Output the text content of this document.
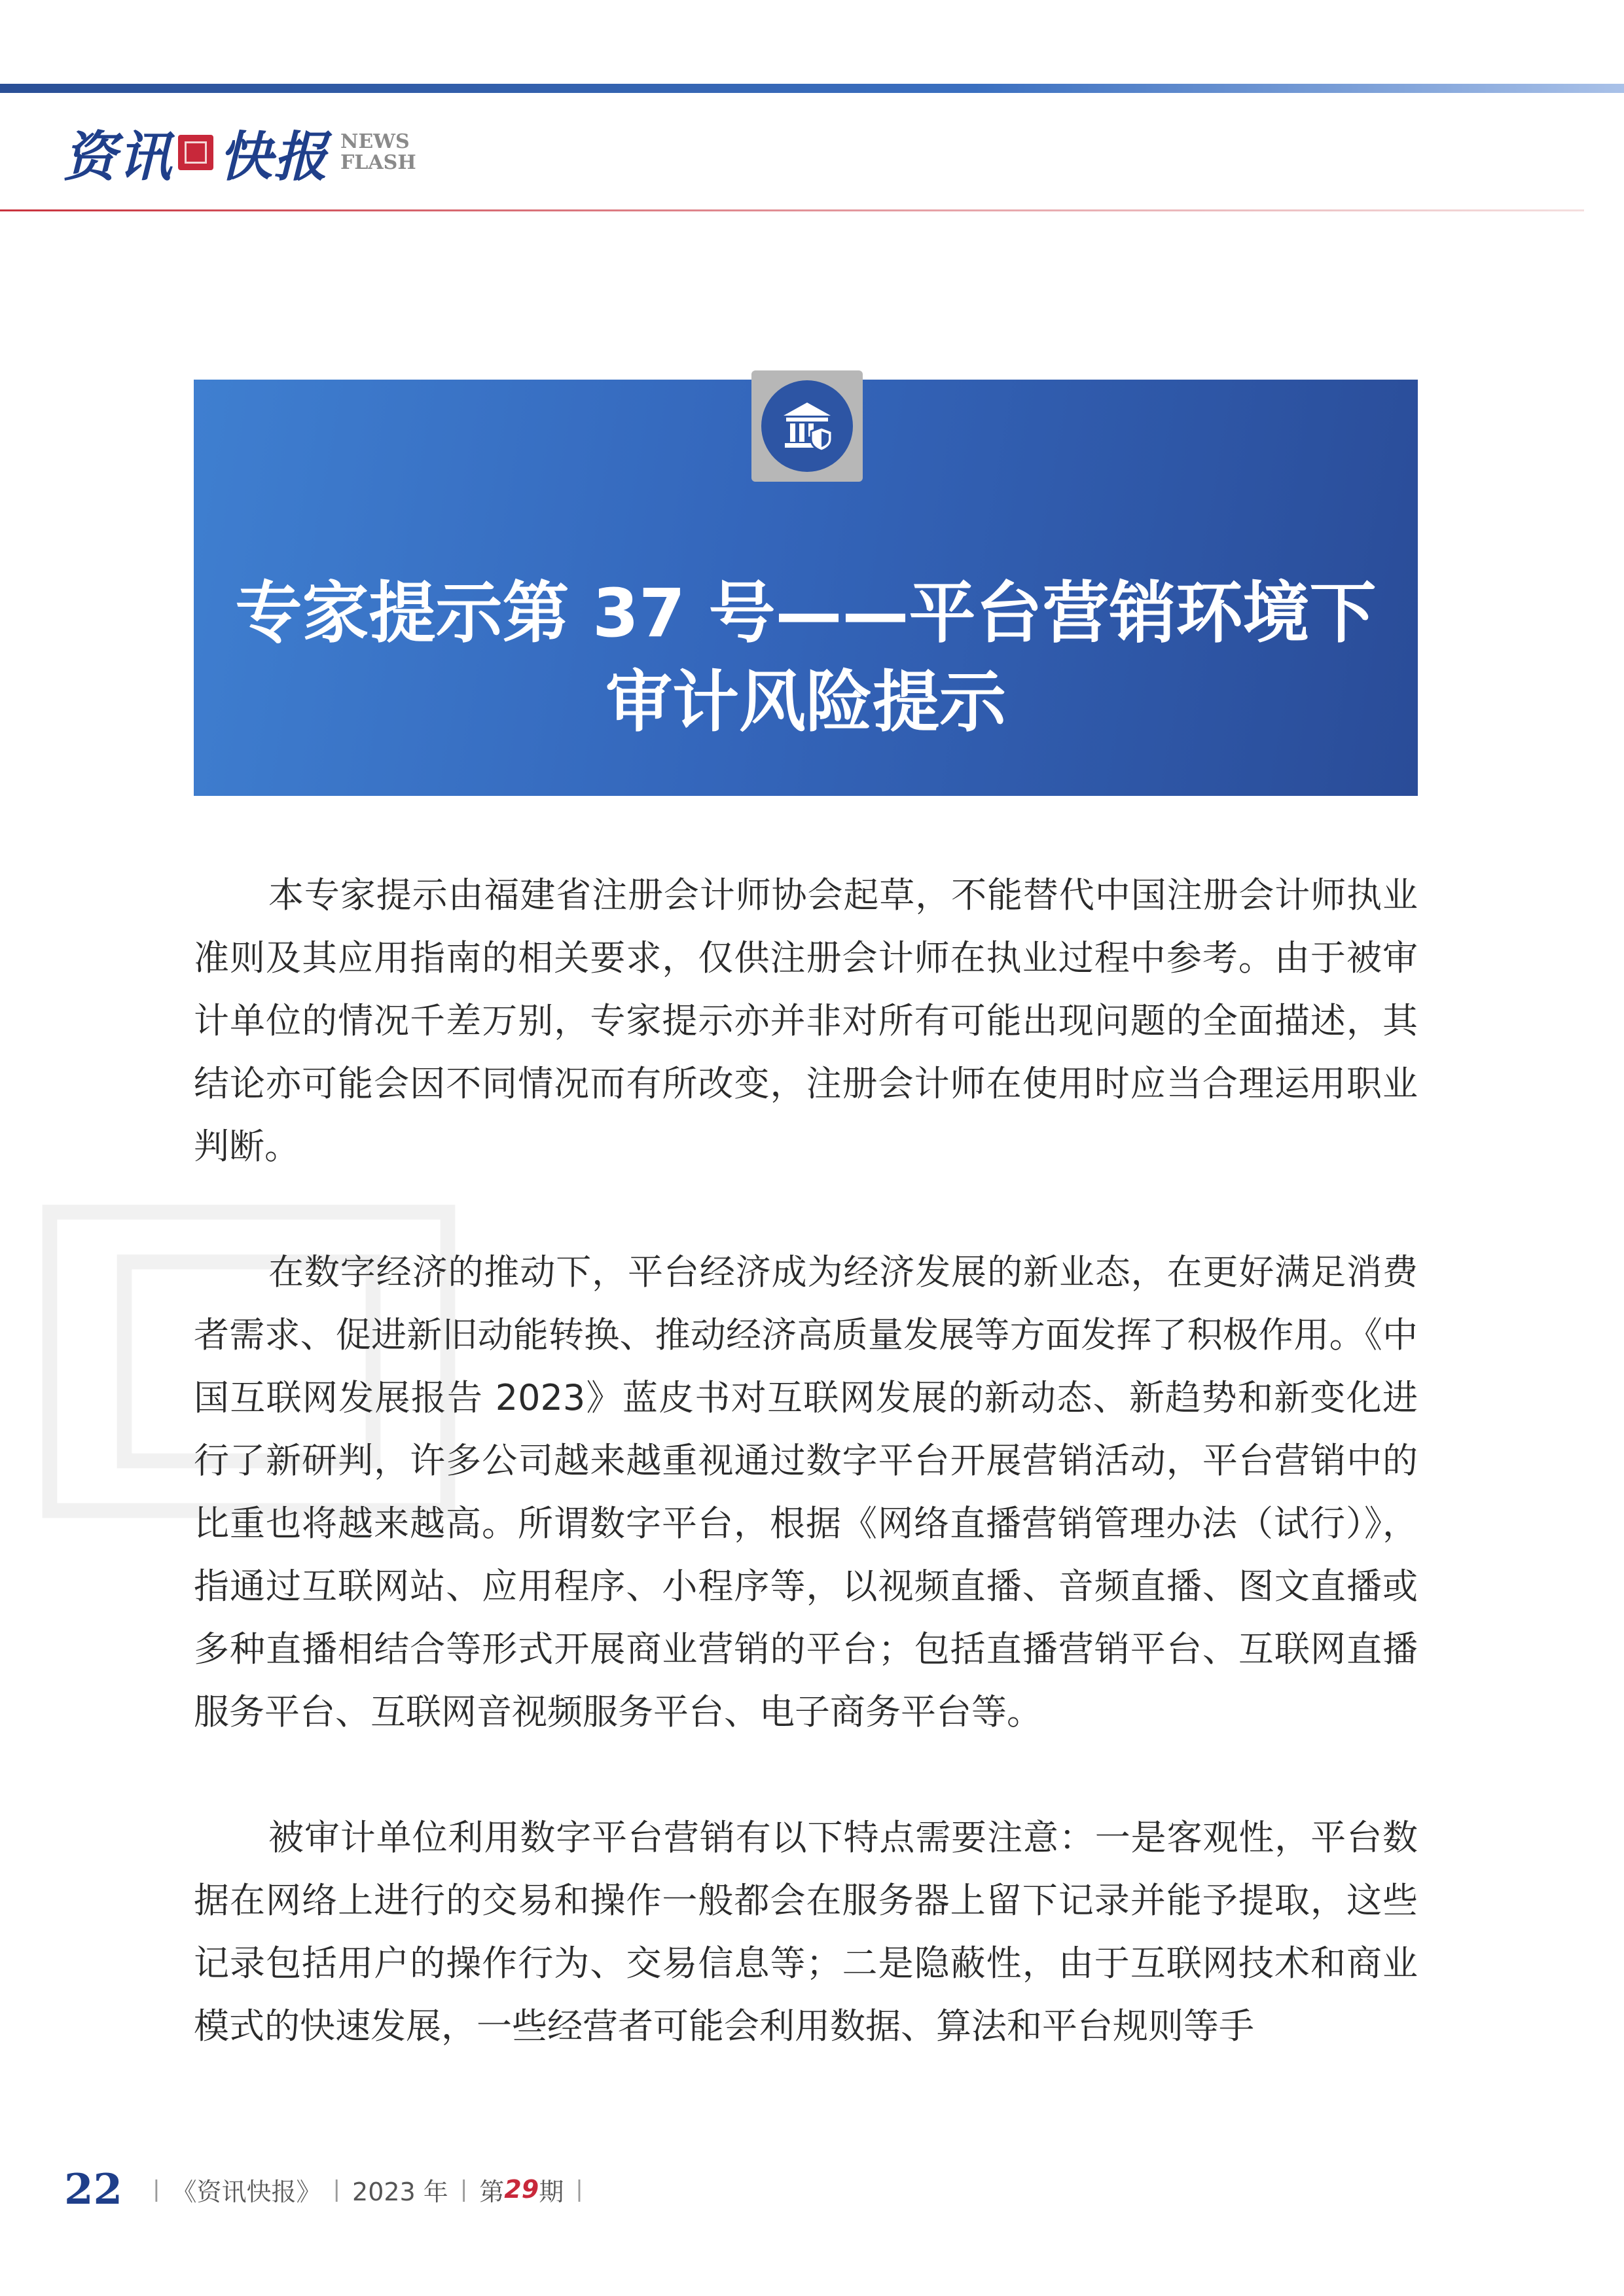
资讯 快报 NEWS
FLASH
专家提示第 37 号——平台营销环境下
审计风险提示

本专家提示由福建省注册会计师协会起草，不能替代中国注册会计师执业准则及其应用指南的相关要求，仅供注册会计师在执业过程中参考。由于被审计单位的情况千差万别，专家提示亦并非对所有可能出现问题的全面描述，其结论亦可能会因不同情况而有所改变，注册会计师在使用时应当合理运用职业判断。

在数字经济的推动下，平台经济成为经济发展的新业态，在更好满足消费者需求、促进新旧动能转换、推动经济高质量发展等方面发挥了积极作用。《中国互联网发展报告 2023》蓝皮书对互联网发展的新动态、新趋势和新变化进行了新研判，许多公司越来越重视通过数字平台开展营销活动，平台营销中的比重也将越来越高。所谓数字平台，根据《网络直播营销管理办法（试行）》，指通过互联网站、应用程序、小程序等，以视频直播、音频直播、图文直播或多种直播相结合等形式开展商业营销的平台；包括直播营销平台、互联网直播服务平台、互联网音视频服务平台、电子商务平台等。

被审计单位利用数字平台营销有以下特点需要注意：一是客观性，平台数据在网络上进行的交易和操作一般都会在服务器上留下记录并能予提取，这些记录包括用户的操作行为、交易信息等；二是隐蔽性，由于互联网技术和商业模式的快速发展，一些经营者可能会利用数据、算法和平台规则等手

22 | 《资讯快报》 | 2023 年 | 第 29 期 |
